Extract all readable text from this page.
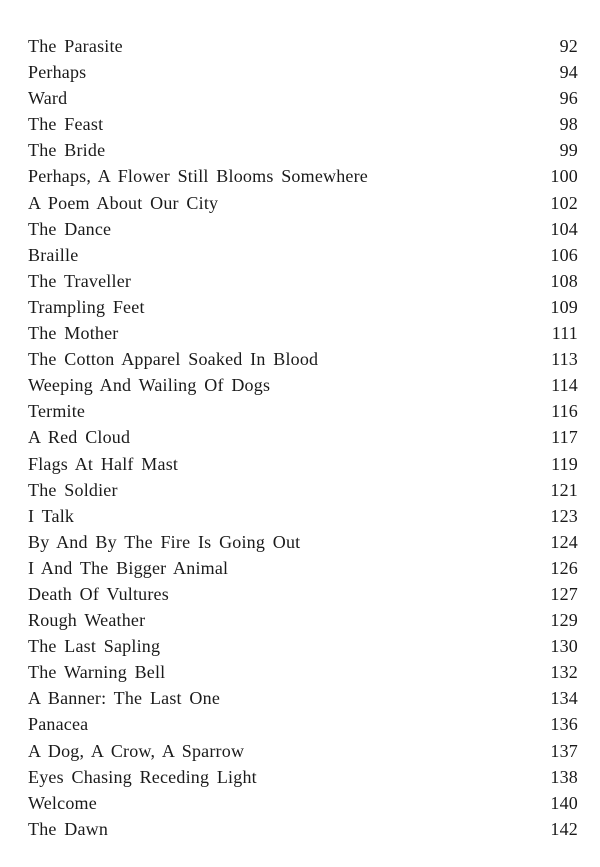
The Parasite	92
Perhaps	94
Ward	96
The Feast	98
The Bride	99
Perhaps, A Flower Still Blooms Somewhere	100
A Poem About Our City	102
The Dance	104
Braille	106
The Traveller	108
Trampling Feet	109
The Mother	111
The Cotton Apparel Soaked In Blood	113
Weeping And Wailing Of Dogs	114
Termite	116
A Red Cloud	117
Flags At Half Mast	119
The Soldier	121
I Talk	123
By And By The Fire Is Going Out	124
I And The Bigger Animal	126
Death Of Vultures	127
Rough Weather	129
The Last Sapling	130
The Warning Bell	132
A Banner: The Last One	134
Panacea	136
A Dog, A Crow, A Sparrow	137
Eyes Chasing Receding Light	138
Welcome	140
The Dawn	142
